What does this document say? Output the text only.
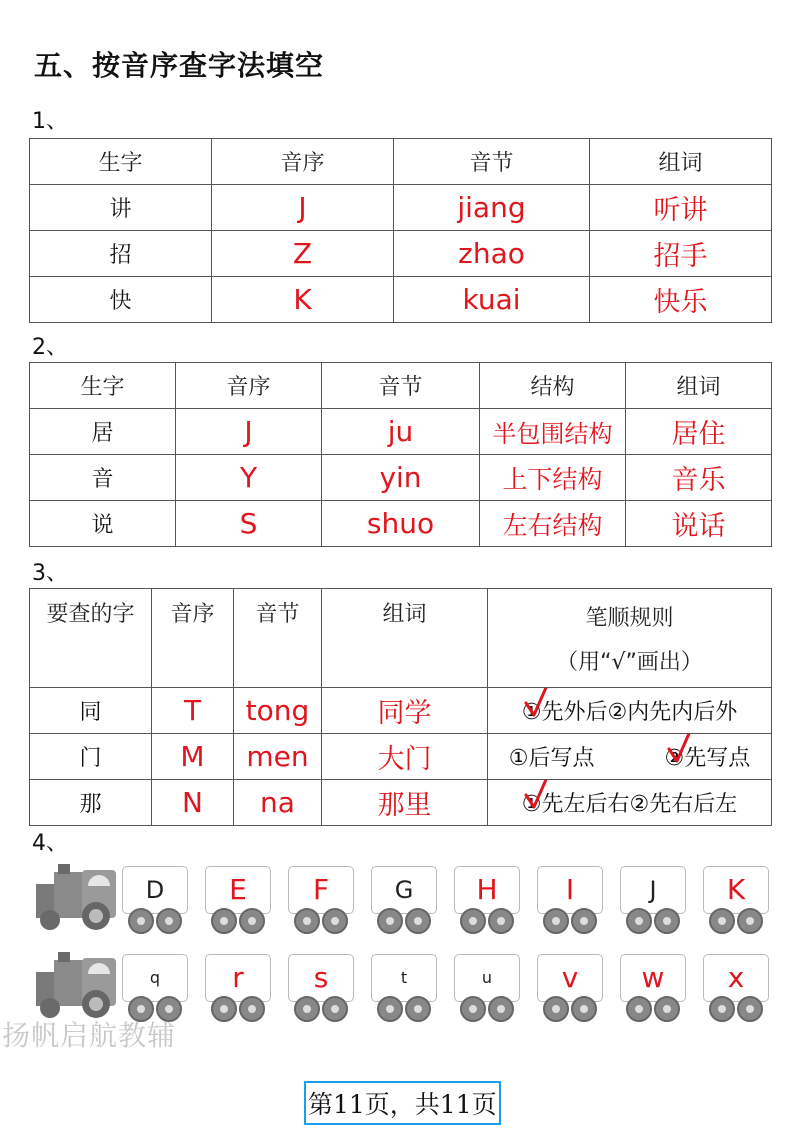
五、按音序查字法填空
1、
生字	音序	音节	组词
讲	J	jiang	听讲
招	Z	zhao	招手
快	K	kuai	快乐
2、
生字	音序	音节	结构	组词
居	J	ju	半包围结构	居住
音	Y	yin	上下结构	音乐
说	S	shuo	左右结构	说话
3、
要查的字	音序	音节	组词	笔顺规则
（用“√”画出）

同	T	tong	同学	①先外后
②内先内后外
门	M	men	大门	①后写点 ②先写点

那	N	na	那里	①先左后右
②先右后左
4、
D	E	F	G	H	I	J	K
q	r	s	t	u	v	w	x
扬帆启航教辅
第11页，共11页
